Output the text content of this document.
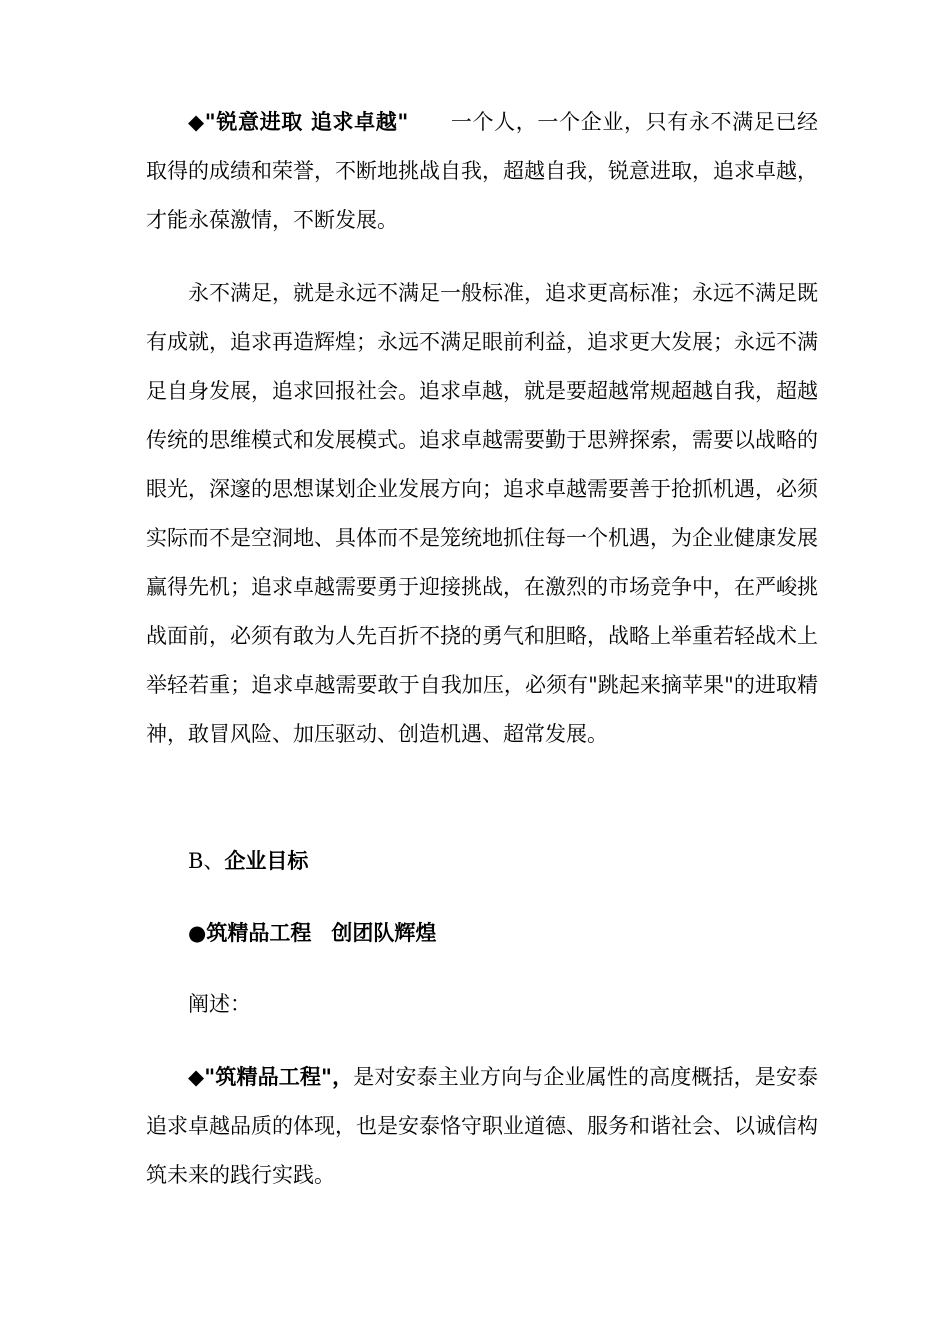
◆"锐意进取 追求卓越" 一个人，一个企业，只有永不满足已经取得的成绩和荣誉，不断地挑战自我，超越自我，锐意进取，追求卓越，才能永葆激情，不断发展。

永不满足，就是永远不满足一般标准，追求更高标准；永远不满足既有成就，追求再造辉煌；永远不满足眼前利益，追求更大发展；永远不满足自身发展，追求回报社会。追求卓越，就是要超越常规超越自我，超越传统的思维模式和发展模式。追求卓越需要勤于思辨探索，需要以战略的眼光，深邃的思想谋划企业发展方向；追求卓越需要善于抢抓机遇，必须实际而不是空洞地、具体而不是笼统地抓住每一个机遇，为企业健康发展赢得先机；追求卓越需要勇于迎接挑战，在激烈的市场竞争中，在严峻挑战面前，必须有敢为人先百折不挠的勇气和胆略，战略上举重若轻战术上举轻若重；追求卓越需要敢于自我加压，必须有"跳起来摘苹果"的进取精神，敢冒风险、加压驱动、创造机遇、超常发展。

B、企业目标

●筑精品工程 创团队辉煌

阐述：

◆"筑精品工程"，是对安泰主业方向与企业属性的高度概括，是安泰追求卓越品质的体现，也是安泰恪守职业道德、服务和谐社会、以诚信构筑未来的践行实践。
